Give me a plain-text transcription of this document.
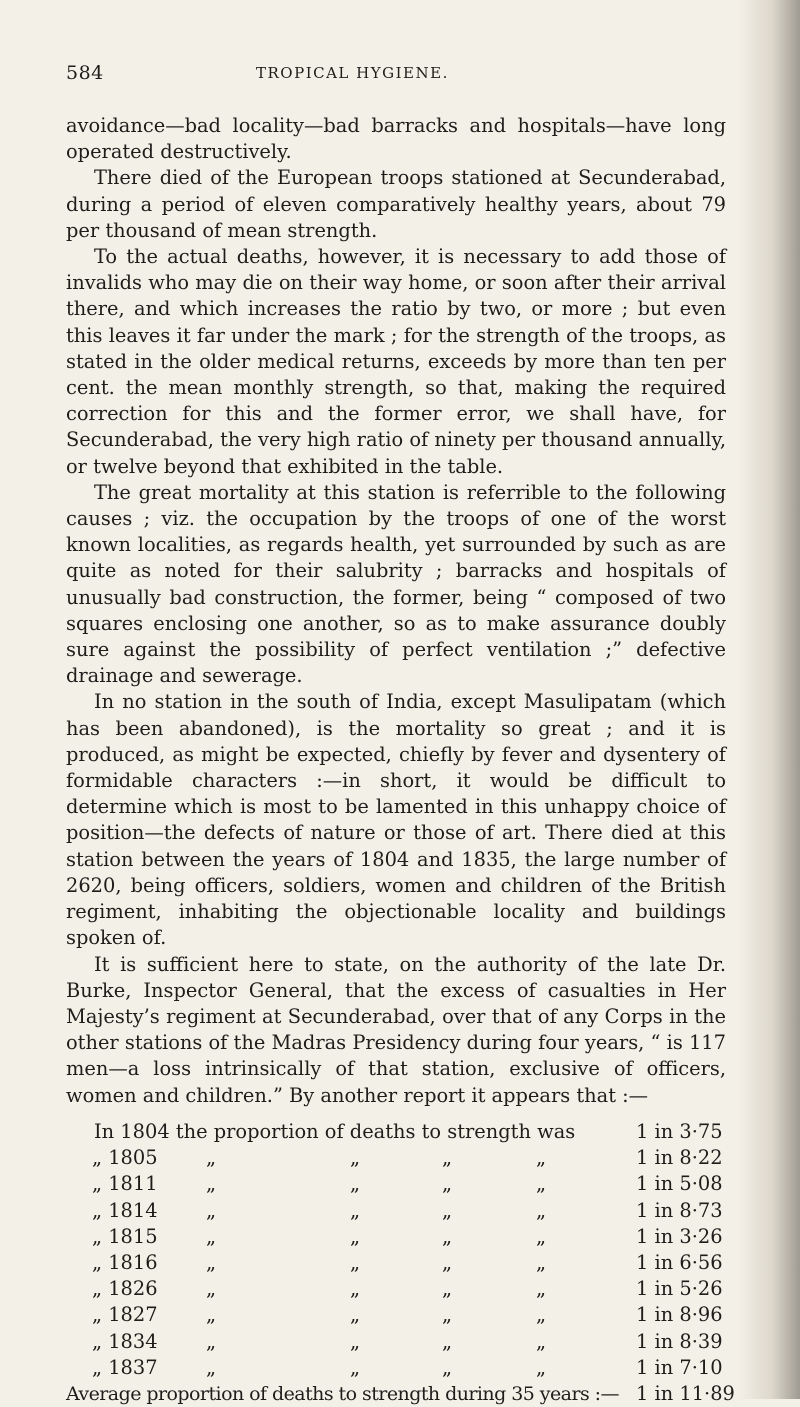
584	TROPICAL HYGIENE.

avoidance—bad locality—bad barracks and hospitals—have long operated destructively.

There died of the European troops stationed at Secunderabad, during a period of eleven comparatively healthy years, about 79 per thousand of mean strength.

To the actual deaths, however, it is necessary to add those of invalids who may die on their way home, or soon after their arrival there, and which increases the ratio by two, or more ; but even this leaves it far under the mark ; for the strength of the troops, as stated in the older medical returns, exceeds by more than ten per cent. the mean monthly strength, so that, making the required correction for this and the former error, we shall have, for Secunderabad, the very high ratio of ninety per thousand annually, or twelve beyond that exhibited in the table.

The great mortality at this station is referrible to the following causes ; viz. the occupation by the troops of one of the worst known localities, as regards health, yet surrounded by such as are quite as noted for their salubrity ; barracks and hospitals of unusually bad construction, the former, being “ composed of two squares enclosing one another, so as to make assurance doubly sure against the possibility of perfect ventilation ;” defective drainage and sewerage.

In no station in the south of India, except Masulipatam (which has been abandoned), is the mortality so great ; and it is produced, as might be expected, chiefly by fever and dysentery of formidable characters :—in short, it would be difficult to determine which is most to be lamented in this unhappy choice of position—the defects of nature or those of art. There died at this station between the years of 1804 and 1835, the large number of 2620, being officers, soldiers, women and children of the British regiment, inhabiting the objectionable locality and buildings spoken of.

It is sufficient here to state, on the authority of the late Dr. Burke, Inspector General, that the excess of casualties in Her Majesty’s regiment at Secunderabad, over that of any Corps in the other stations of the Madras Presidency during four years, “ is 117 men—a loss intrinsically of that station, exclusive of officers, women and children.” By another report it appears that :—

In 1804 the proportion of deaths to strength was	1 in 3·75
„ 1805 „	„	„	„	1 in 8·22
„ 1811 „	„	„	„	1 in 5·08
„ 1814 „	„	„	„	1 in 8·73
„ 1815 „	„	„	„	1 in 3·26
„ 1816 „	„	„	„	1 in 6·56
„ 1826 „	„	„	„	1 in 5·26
„ 1827 „	„	„	„	1 in 8·96
„ 1834 „	„	„	„	1 in 8·39
„ 1837 „	„	„	„	1 in 7·10
Average proportion of deaths to strength during 35 years :— 1 in 11·89
